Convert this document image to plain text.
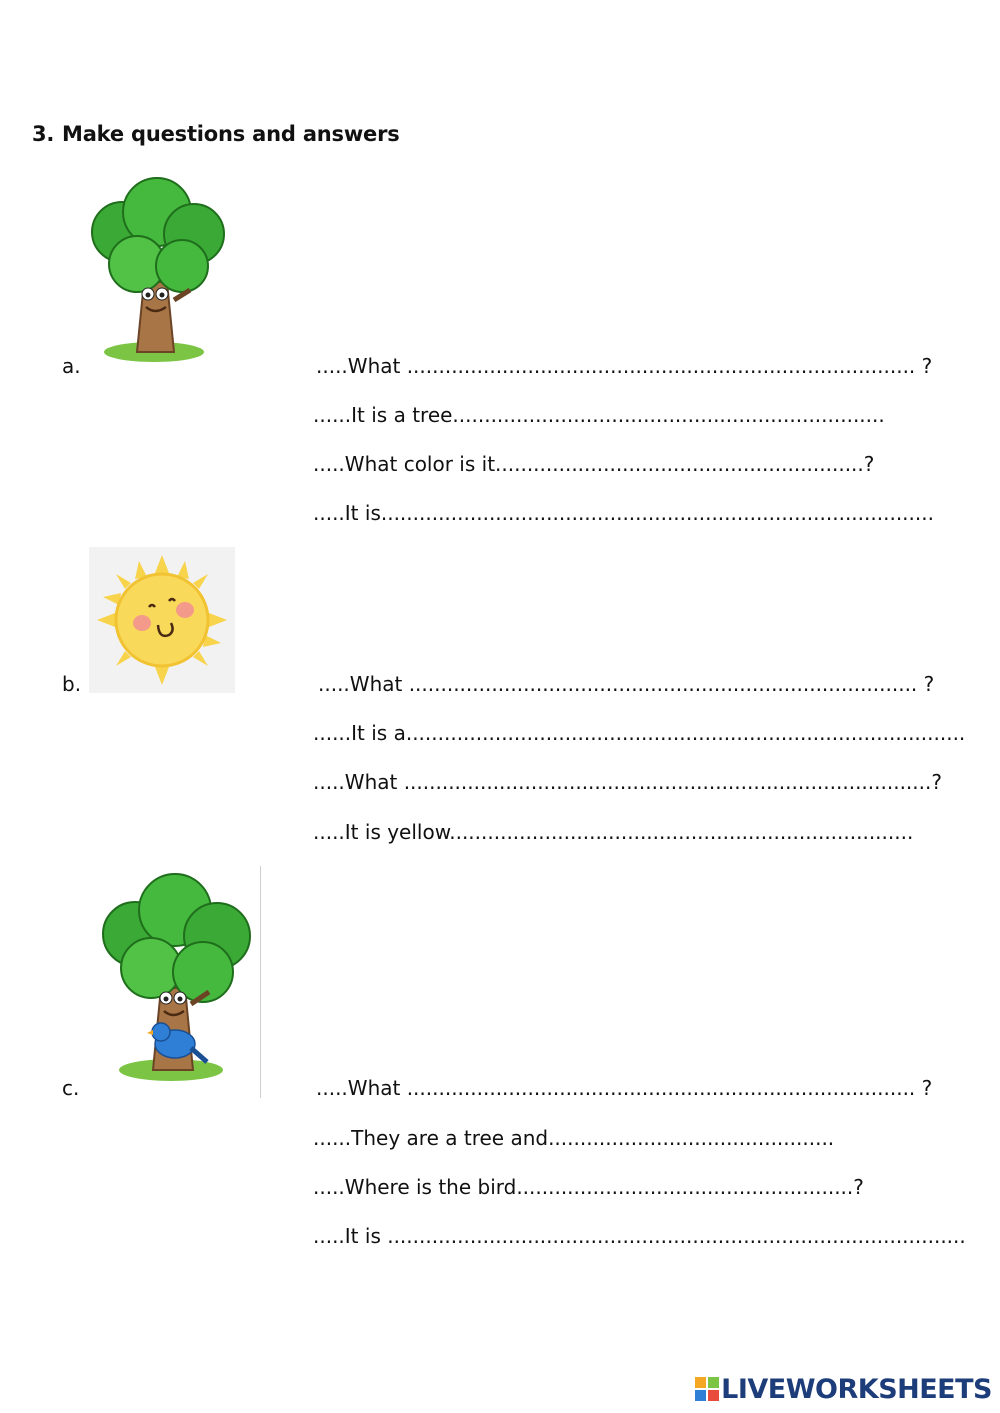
3. Make questions and answers
a.	.....What ................................................................................ ?
......It is a tree....................................................................
.....What color is it..........................................................?
.....It is.......................................................................................
b.	.....What ................................................................................ ?
......It is a........................................................................................
.....What ...................................................................................?
.....It is yellow.........................................................................
c.	.....What ................................................................................ ?
......They are a tree and.............................................
.....Where is the bird.....................................................?
.....It is ...........................................................................................
LIVEWORKSHEETS
